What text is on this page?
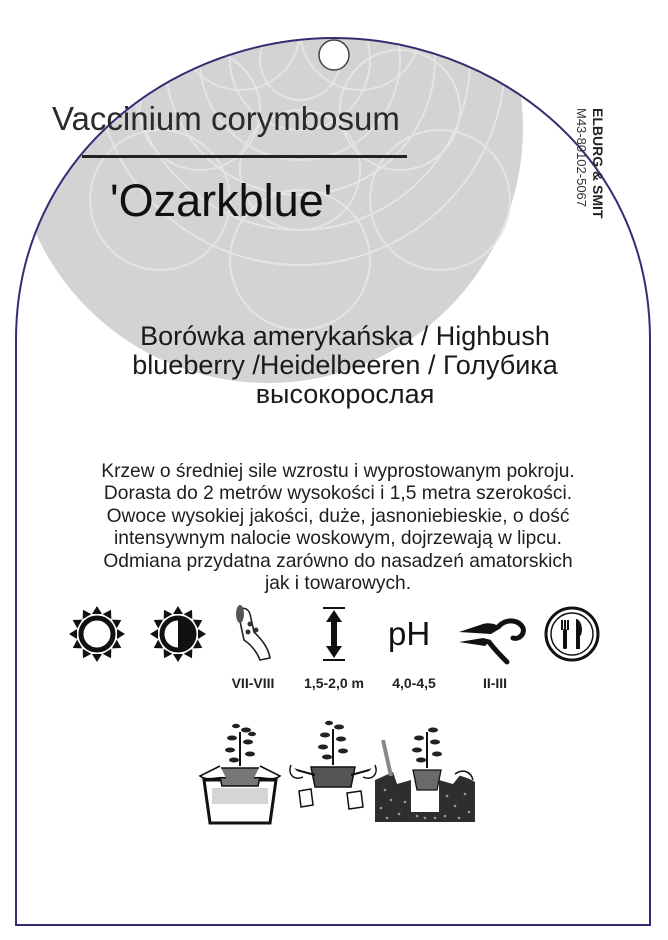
Vaccinium corymbosum
'Ozarkblue'	ELBURG & SMIT
M43-80102-5067
Borówka amerykańska / Highbush
blueberry /Heidelbeeren / Голубика
высокорослая
Krzew o średniej sile wzrostu i wyprostowanym pokroju.
Dorasta do 2 metrów wysokości i 1,5 metra szerokości.
Owoce wysokiej jakości, duże, jasnoniebieskie, o dość
intensywnym nalocie woskowym, dojrzewają w lipcu.
Odmiana przydatna zarówno do nasadzeń amatorskich
jak i towarowych.
pH
VII-VIII	1,5-2,0 m	4,0-4,5	II-III
